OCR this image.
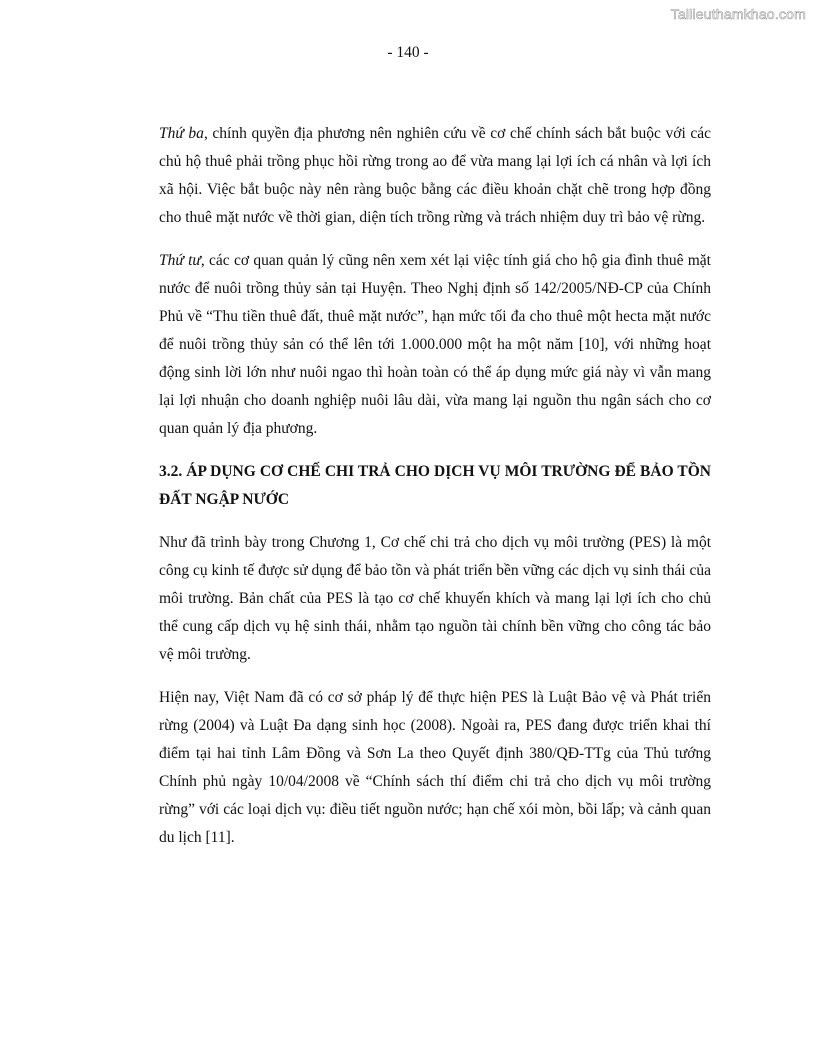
Tailieuthamkhao.com
- 140 -

Thứ ba, chính quyền địa phương nên nghiên cứu về cơ chế chính sách bắt buộc với các chủ hộ thuê phải trồng phục hồi rừng trong ao để vừa mang lại lợi ích cá nhân và lợi ích xã hội. Việc bắt buộc này nên ràng buộc bằng các điều khoản chặt chẽ trong hợp đồng cho thuê mặt nước về thời gian, diện tích trồng rừng và trách nhiệm duy trì bảo vệ rừng.

Thứ tư, các cơ quan quản lý cũng nên xem xét lại việc tính giá cho hộ gia đình thuê mặt nước để nuôi trồng thủy sản tại Huyện. Theo Nghị định số 142/2005/NĐ-CP của Chính Phủ về “Thu tiền thuê đất, thuê mặt nước”, hạn mức tối đa cho thuê một hecta mặt nước để nuôi trồng thủy sản có thể lên tới 1.000.000 một ha một năm [10], với những hoạt động sinh lời lớn như nuôi ngao thì hoàn toàn có thể áp dụng mức giá này vì vẫn mang lại lợi nhuận cho doanh nghiệp nuôi lâu dài, vừa mang lại nguồn thu ngân sách cho cơ quan quản lý địa phương.

3.2. ÁP DỤNG CƠ CHẾ CHI TRẢ CHO DỊCH VỤ MÔI TRƯỜNG ĐỂ BẢO TỒN ĐẤT NGẬP NƯỚC

Như đã trình bày trong Chương 1, Cơ chế chi trả cho dịch vụ môi trường (PES) là một công cụ kinh tế được sử dụng để bảo tồn và phát triển bền vững các dịch vụ sinh thái của môi trường. Bản chất của PES là tạo cơ chế khuyến khích và mang lại lợi ích cho chủ thể cung cấp dịch vụ hệ sinh thái, nhằm tạo nguồn tài chính bền vững cho công tác bảo vệ môi trường.

Hiện nay, Việt Nam đã có cơ sở pháp lý để thực hiện PES là Luật Bảo vệ và Phát triển rừng (2004) và Luật Đa dạng sinh học (2008). Ngoài ra, PES đang được triển khai thí điểm tại hai tỉnh Lâm Đồng và Sơn La theo Quyết định 380/QĐ-TTg của Thủ tướng Chính phủ ngày 10/04/2008 về “Chính sách thí điểm chi trả cho dịch vụ môi trường rừng” với các loại dịch vụ: điều tiết nguồn nước; hạn chế xói mòn, bồi lấp; và cảnh quan du lịch [11].
